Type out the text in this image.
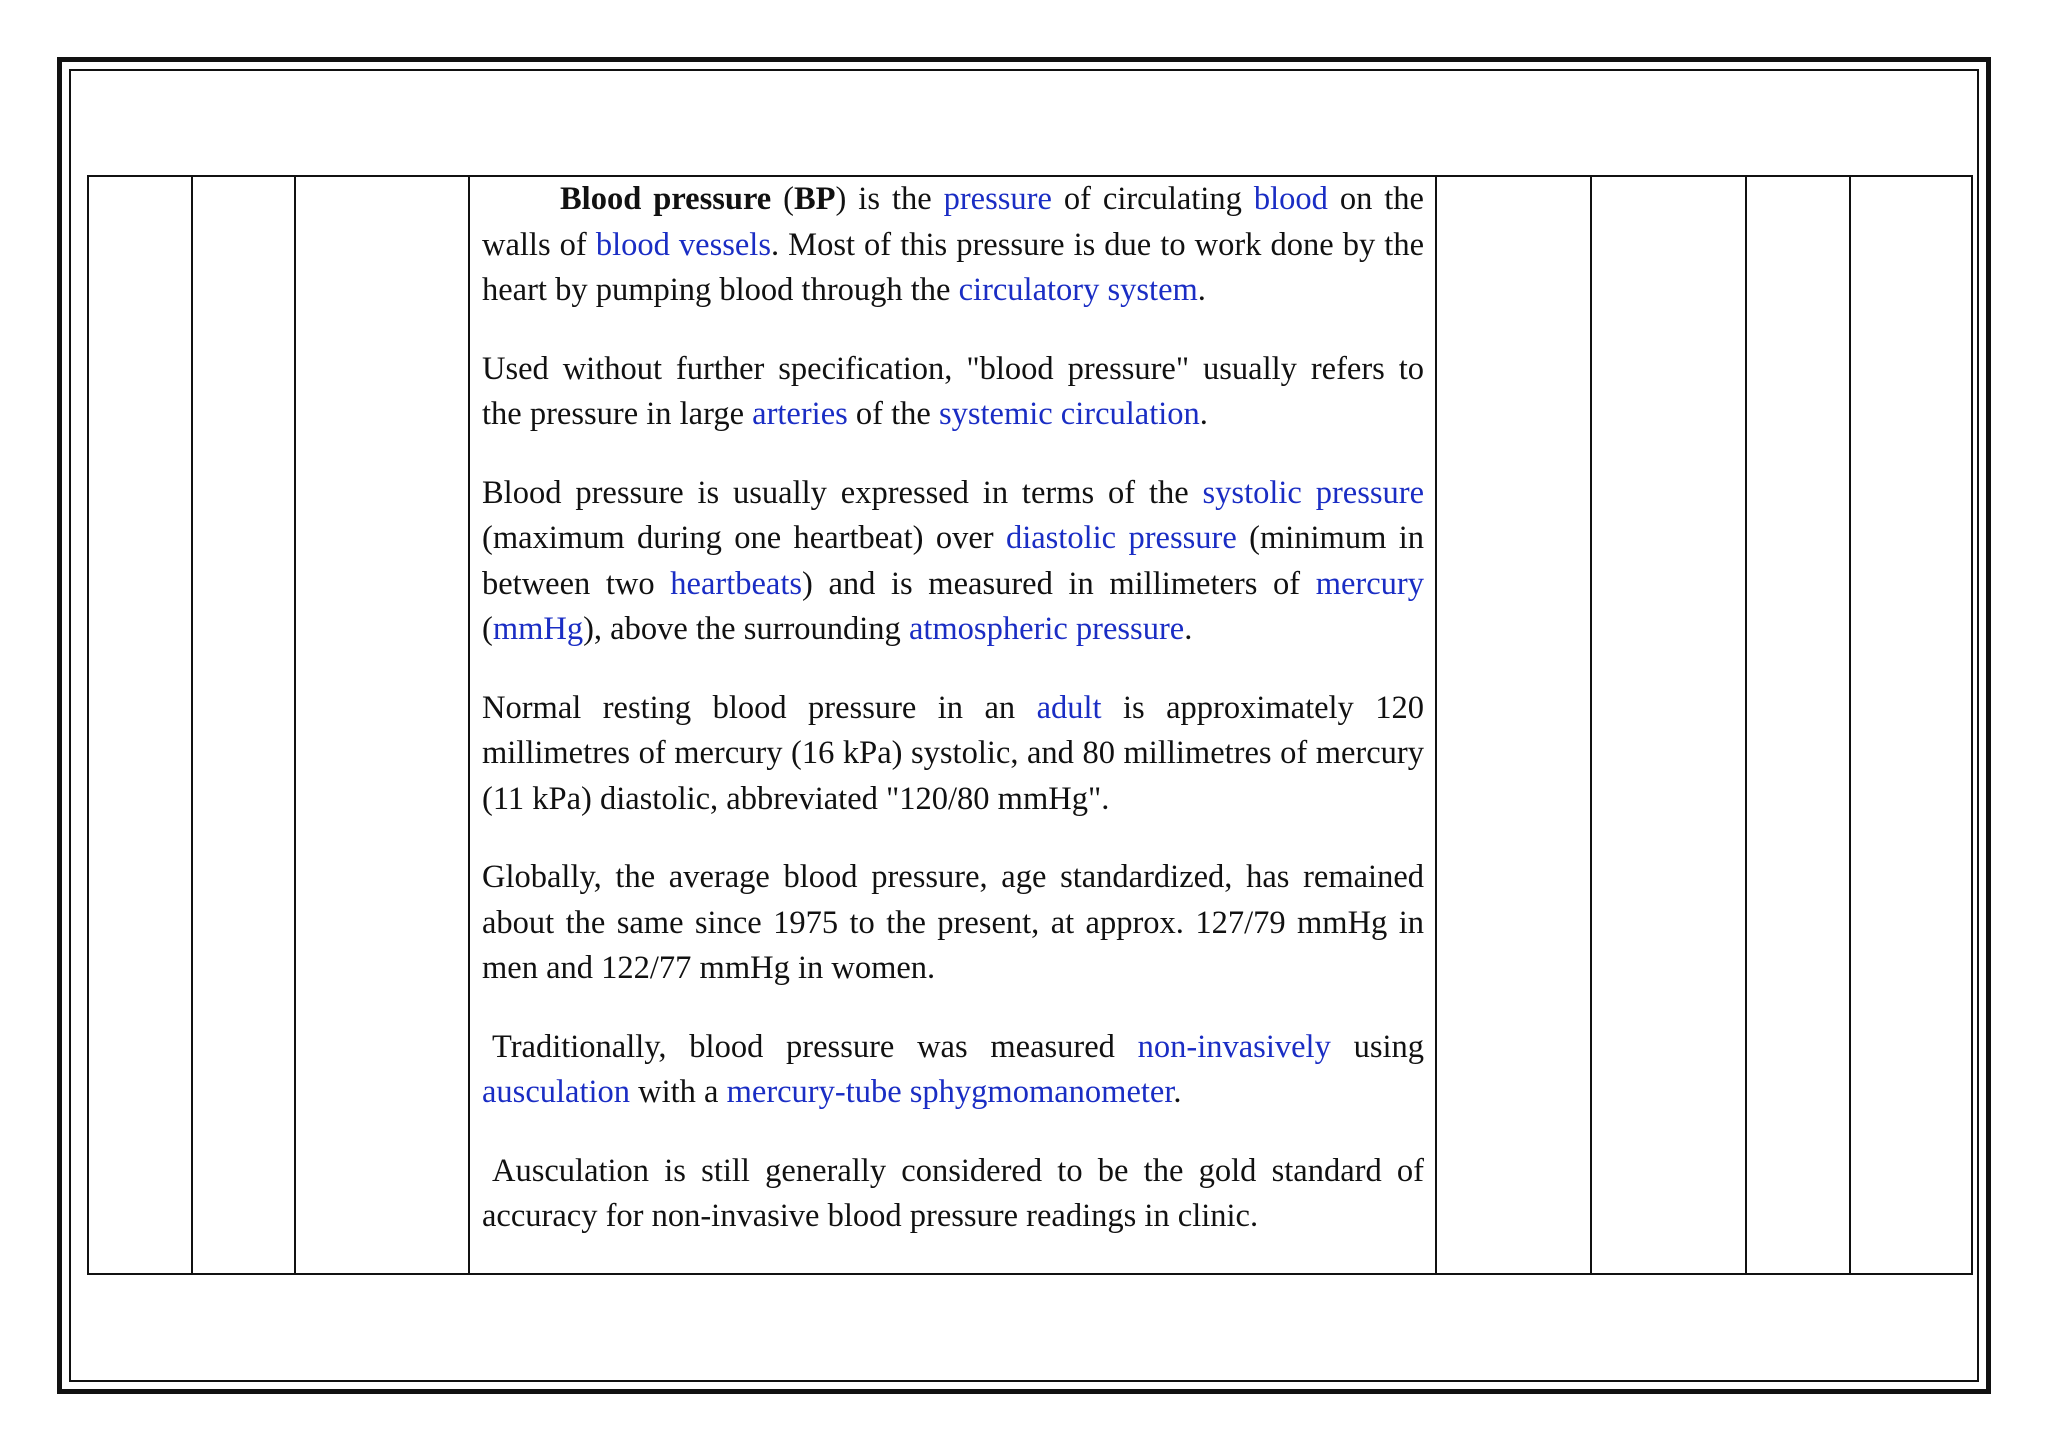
Blood pressure (BP) is the pressure of circulating blood on the walls of blood vessels. Most of this pressure is due to work done by the heart by pumping blood through the circulatory system.

Used without further specification, "blood pressure" usually refers to the pressure in large arteries of the systemic circulation.

Blood pressure is usually expressed in terms of the systolic pressure (maximum during one heartbeat) over diastolic pressure (minimum in between two heartbeats) and is measured in millimeters of mercury (mmHg), above the surrounding atmospheric pressure.

Normal resting blood pressure in an adult is approximately 120 millimetres of mercury (16 kPa) systolic, and 80 millimetres of mercury (11 kPa) diastolic, abbreviated "120/80 mmHg".

Globally, the average blood pressure, age standardized, has remained about the same since 1975 to the present, at approx. 127/79 mmHg in men and 122/77 mmHg in women.

Traditionally, blood pressure was measured non-invasively using ausculation with a mercury-tube sphygmomanometer.

Ausculation is still generally considered to be the gold standard of accuracy for non-invasive blood pressure readings in clinic.
